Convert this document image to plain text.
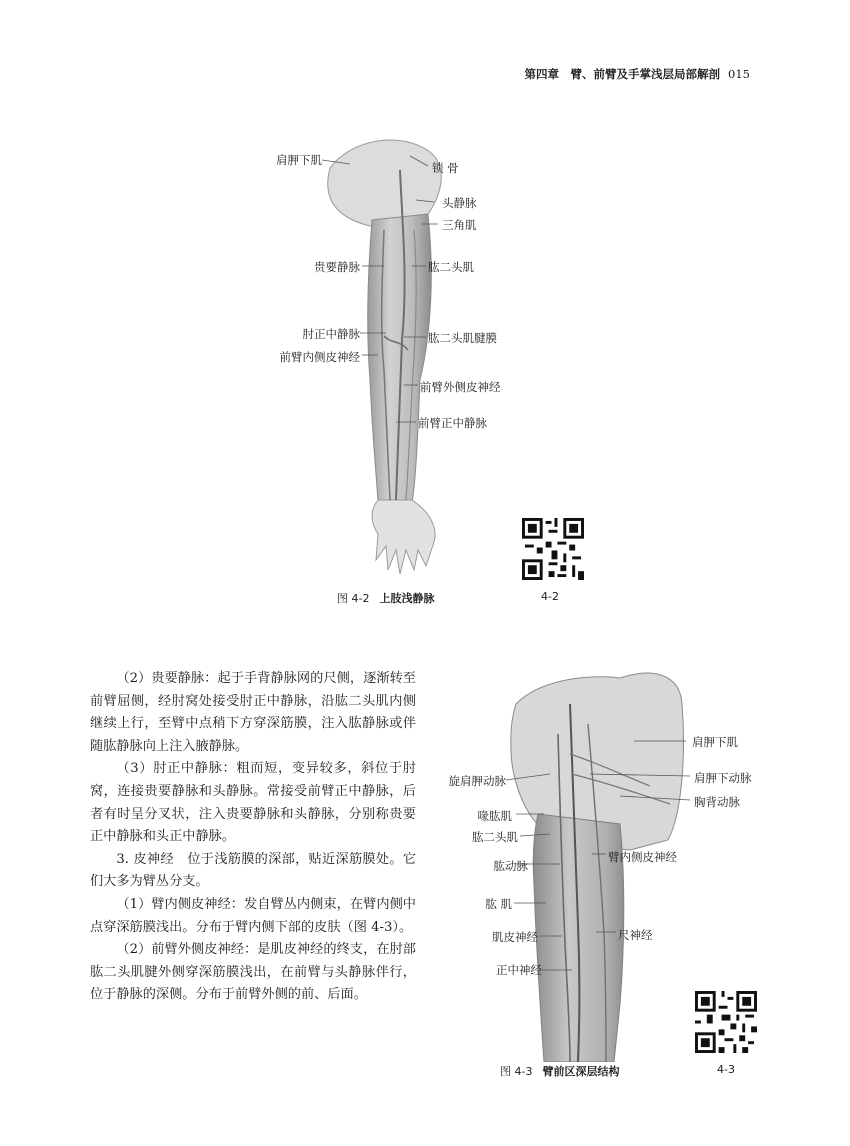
第四章　臂、前臂及手掌浅层局部解剖 015
肩胛下肌
锁 骨
头静脉
三角肌
贵要静脉	肱二头肌
肘正中静脉	肱二头肌腱膜
前臂内侧皮神经
前臂外侧皮神经
前臂正中静脉
图 4-2 上肢浅静脉	4-2

（2）贵要静脉：起于手背静脉网的尺侧，逐渐转至前臂屈侧，经肘窝处接受肘正中静脉，沿肱二头肌内侧继续上行，至臂中点稍下方穿深筋膜，注入肱静脉或伴随肱静脉向上注入腋静脉。

（3）肘正中静脉：粗而短，变异较多，斜位于肘窝，连接贵要静脉和头静脉。常接受前臂正中静脉，后者有时呈分叉状，注入贵要静脉和头静脉，分别称贵要正中静脉和头正中静脉。

3. 皮神经　 位于浅筋膜的深部，贴近深筋膜处。它们大多为臂丛分支。

（1）臂内侧皮神经：发自臂丛内侧束，在臂内侧中点穿深筋膜浅出。分布于臂内侧下部的皮肤（图 4-3）。

（2）前臂外侧皮神经：是肌皮神经的终支，在肘部肱二头肌腱外侧穿深筋膜浅出，在前臂与头静脉伴行，位于静脉的深侧。分布于前臂外侧的前、后面。

肩胛下肌
旋肩胛动脉	肩胛下动脉
胸背动脉
喙肱肌
肱二头肌
臂内侧皮神经
肱动脉
肱 肌
肌皮神经	尺神经
正中神经
图 4-3 臂前区深层结构	4-3
